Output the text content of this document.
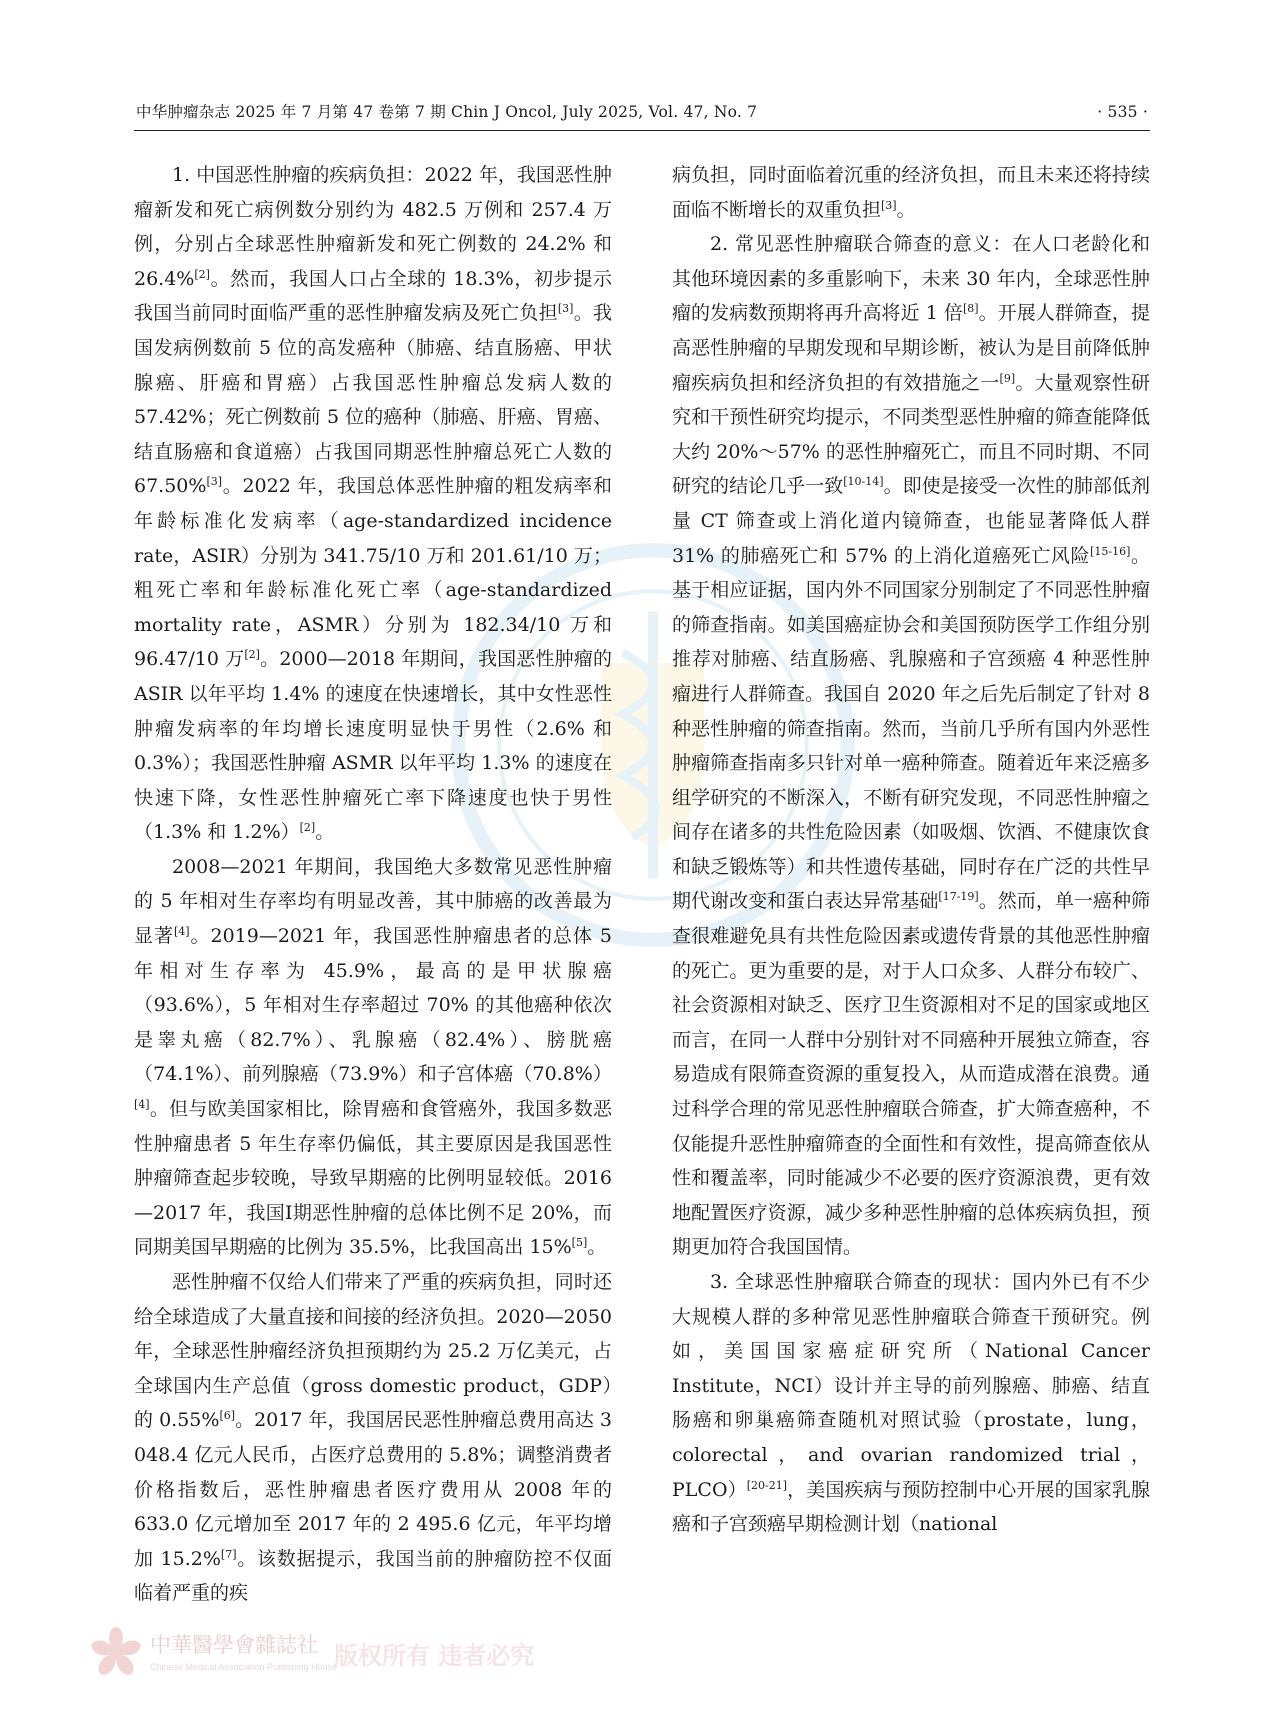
中华肿瘤杂志 2025 年 7 月第 47 卷第 7 期 Chin J Oncol, July 2025, Vol. 47, No. 7	· 535 ·

1. 中国恶性肿瘤的疾病负担：2022 年，我国恶性肿瘤新发和死亡病例数分别约为 482.5 万例和 257.4 万例，分别占全球恶性肿瘤新发和死亡例数的 24.2% 和 26.4%[2]。然而，我国人口占全球的 18.3%，初步提示我国当前同时面临严重的恶性肿瘤发病及死亡负担[3]。我国发病例数前 5 位的高发癌种（肺癌、结直肠癌、甲状腺癌、肝癌和胃癌）占我国恶性肿瘤总发病人数的 57.42%；死亡例数前 5 位的癌种（肺癌、肝癌、胃癌、结直肠癌和食道癌）占我国同期恶性肿瘤总死亡人数的 67.50%[3]。2022 年，我国总体恶性肿瘤的粗发病率和年龄标准化发病率（age-standardized incidence rate，ASIR）分别为 341.75/10 万和 201.61/10 万；粗死亡率和年龄标准化死亡率（age-standardized mortality rate，ASMR）分别为 182.34/10 万和 96.47/10 万[2]。2000—2018 年期间，我国恶性肿瘤的 ASIR 以年平均 1.4% 的速度在快速增长，其中女性恶性肿瘤发病率的年均增长速度明显快于男性（2.6% 和 0.3%）；我国恶性肿瘤 ASMR 以年平均 1.3% 的速度在快速下降，女性恶性肿瘤死亡率下降速度也快于男性（1.3% 和 1.2%）[2]。

2008—2021 年期间，我国绝大多数常见恶性肿瘤的 5 年相对生存率均有明显改善，其中肺癌的改善最为显著[4]。2019—2021 年，我国恶性肿瘤患者的总体 5 年相对生存率为 45.9%，最高的是甲状腺癌（93.6%），5 年相对生存率超过 70% 的其他癌种依次是睾丸癌（82.7%）、乳腺癌（82.4%）、膀胱癌（74.1%）、前列腺癌（73.9%）和子宫体癌（70.8%）[4]。但与欧美国家相比，除胃癌和食管癌外，我国多数恶性肿瘤患者 5 年生存率仍偏低，其主要原因是我国恶性肿瘤筛查起步较晚，导致早期癌的比例明显较低。2016—2017 年，我国Ⅰ期恶性肿瘤的总体比例不足 20%，而同期美国早期癌的比例为 35.5%，比我国高出 15%[5]。

恶性肿瘤不仅给人们带来了严重的疾病负担，同时还给全球造成了大量直接和间接的经济负担。2020—2050 年，全球恶性肿瘤经济负担预期约为 25.2 万亿美元，占全球国内生产总值（gross domestic product，GDP）的 0.55%[6]。2017 年，我国居民恶性肿瘤总费用高达 3 048.4 亿元人民币，占医疗总费用的 5.8%；调整消费者价格指数后，恶性肿瘤患者医疗费用从 2008 年的 633.0 亿元增加至 2017 年的 2 495.6 亿元，年平均增加 15.2%[7]。该数据提示，我国当前的肿瘤防控不仅面临着严重的疾

病负担，同时面临着沉重的经济负担，而且未来还将持续面临不断增长的双重负担[3]。

2. 常见恶性肿瘤联合筛查的意义：在人口老龄化和其他环境因素的多重影响下，未来 30 年内，全球恶性肿瘤的发病数预期将再升高将近 1 倍[8]。开展人群筛查，提高恶性肿瘤的早期发现和早期诊断，被认为是目前降低肿瘤疾病负担和经济负担的有效措施之一[9]。大量观察性研究和干预性研究均提示，不同类型恶性肿瘤的筛查能降低大约 20%～57% 的恶性肿瘤死亡，而且不同时期、不同研究的结论几乎一致[10-14]。即使是接受一次性的肺部低剂量 CT 筛查或上消化道内镜筛查，也能显著降低人群 31% 的肺癌死亡和 57% 的上消化道癌死亡风险[15-16]。基于相应证据，国内外不同国家分别制定了不同恶性肿瘤的筛查指南。如美国癌症协会和美国预防医学工作组分别推荐对肺癌、结直肠癌、乳腺癌和子宫颈癌 4 种恶性肿瘤进行人群筛查。我国自 2020 年之后先后制定了针对 8 种恶性肿瘤的筛查指南。然而，当前几乎所有国内外恶性肿瘤筛查指南多只针对单一癌种筛查。随着近年来泛癌多组学研究的不断深入，不断有研究发现，不同恶性肿瘤之间存在诸多的共性危险因素（如吸烟、饮酒、不健康饮食和缺乏锻炼等）和共性遗传基础，同时存在广泛的共性早期代谢改变和蛋白表达异常基础[17-19]。然而，单一癌种筛查很难避免具有共性危险因素或遗传背景的其他恶性肿瘤的死亡。更为重要的是，对于人口众多、人群分布较广、社会资源相对缺乏、医疗卫生资源相对不足的国家或地区而言，在同一人群中分别针对不同癌种开展独立筛查，容易造成有限筛查资源的重复投入，从而造成潜在浪费。通过科学合理的常见恶性肿瘤联合筛查，扩大筛查癌种，不仅能提升恶性肿瘤筛查的全面性和有效性，提高筛查依从性和覆盖率，同时能减少不必要的医疗资源浪费，更有效地配置医疗资源，减少多种恶性肿瘤的总体疾病负担，预期更加符合我国国情。

3. 全球恶性肿瘤联合筛查的现状：国内外已有不少大规模人群的多种常见恶性肿瘤联合筛查干预研究。例如，美国国家癌症研究所（National Cancer Institute，NCI）设计并主导的前列腺癌、肺癌、结直肠癌和卵巢癌筛查随机对照试验（prostate，lung，colorectal，and ovarian randomized trial，PLCO）[20-21]，美国疾病与预防控制中心开展的国家乳腺癌和子宫颈癌早期检测计划（national

中華醫學會雜誌社
Chinese Medical Association Publishing House
版权所有 违者必究
